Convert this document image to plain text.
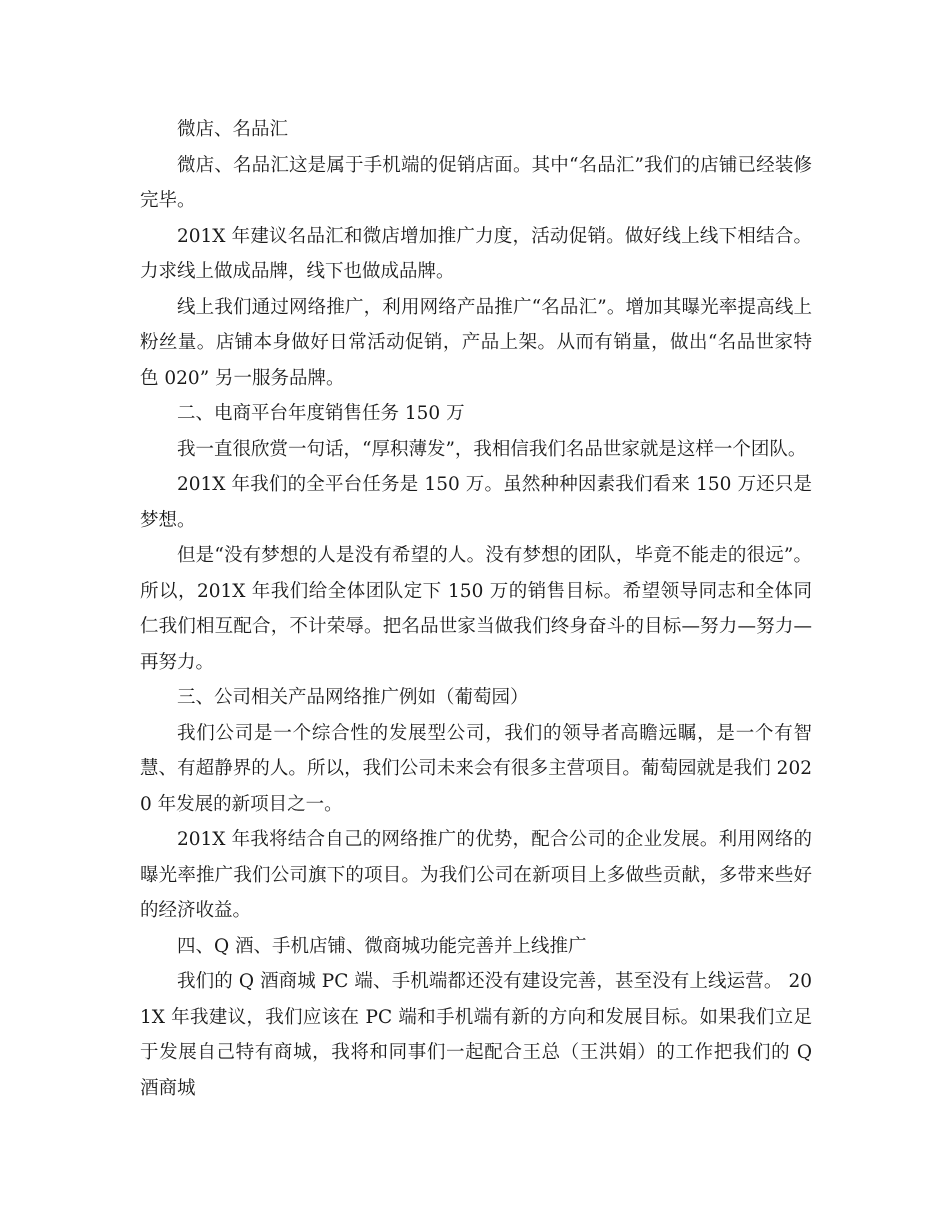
微店、名品汇

微店、名品汇这是属于手机端的促销店面。其中“名品汇”我们的店铺已经装修完毕。

201X 年建议名品汇和微店增加推广力度，活动促销。做好线上线下相结合。力求线上做成品牌，线下也做成品牌。

线上我们通过网络推广，利用网络产品推广“名品汇”。增加其曝光率提高线上粉丝量。店铺本身做好日常活动促销，产品上架。从而有销量，做出“名品世家特色 020” 另一服务品牌。

二、电商平台年度销售任务 150 万

我一直很欣赏一句话，“厚积薄发”，我相信我们名品世家就是这样一个团队。

201X 年我们的全平台任务是 150 万。虽然种种因素我们看来 150 万还只是梦想。

但是“没有梦想的人是没有希望的人。没有梦想的团队，毕竟不能走的很远”。所以，201X 年我们给全体团队定下 150 万的销售目标。希望领导同志和全体同仁我们相互配合，不计荣辱。把名品世家当做我们终身奋斗的目标—努力—努力—再努力。

三、公司相关产品网络推广例如（葡萄园）

我们公司是一个综合性的发展型公司，我们的领导者高瞻远瞩，是一个有智慧、有超静界的人。所以，我们公司未来会有很多主营项目。葡萄园就是我们 2020 年发展的新项目之一。

201X 年我将结合自己的网络推广的优势，配合公司的企业发展。利用网络的曝光率推广我们公司旗下的项目。为我们公司在新项目上多做些贡献，多带来些好的经济收益。

四、Q 酒、手机店铺、微商城功能完善并上线推广

我们的 Q 酒商城 PC 端、手机端都还没有建设完善，甚至没有上线运营。 201X 年我建议，我们应该在 PC 端和手机端有新的方向和发展目标。如果我们立足于发展自己特有商城，我将和同事们一起配合王总（王洪娟）的工作把我们的 Q 酒商城
